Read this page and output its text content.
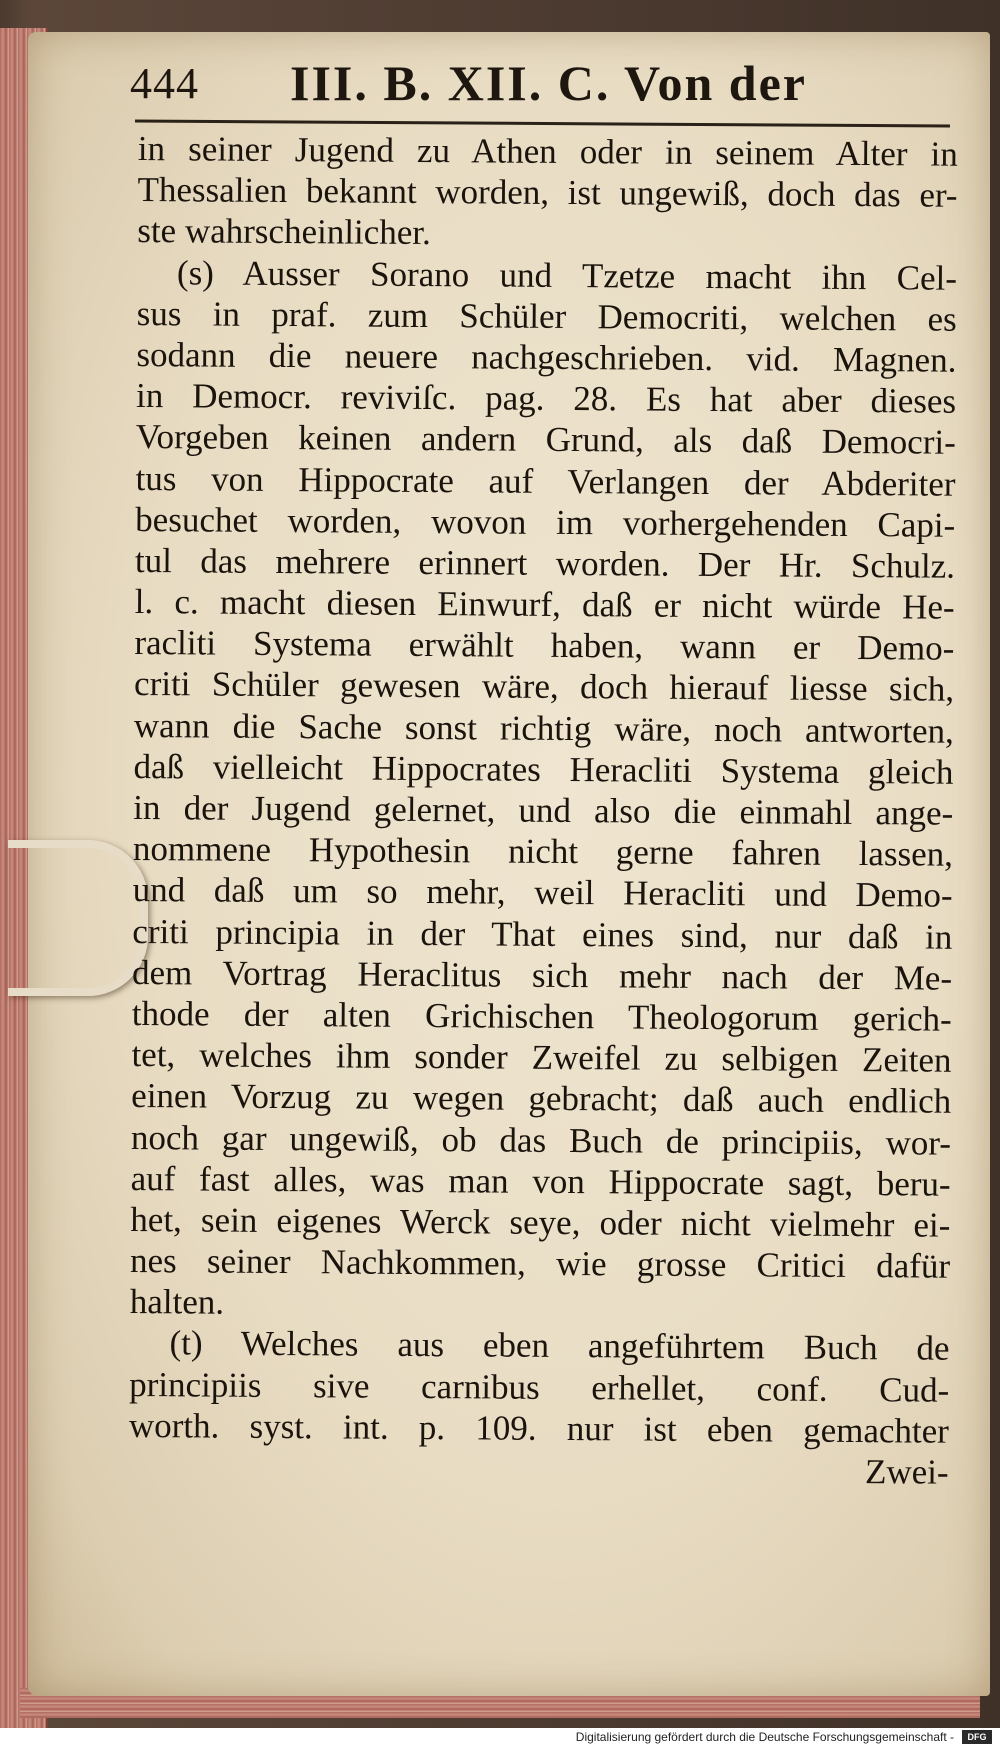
444 III. B. XII. C. Von der
in seiner Jugend zu Athen oder in seinem Alter in
Thessalien bekannt worden, ist ungewiß, doch das er-
ste wahrscheinlicher.
(s) Ausser Sorano und Tzetze macht ihn Cel-
sus in praf. zum Schüler Democriti, welchen es
sodann die neuere nachgeschrieben. vid. Magnen.
in Democr. reviviſc. pag. 28. Es hat aber dieses
Vorgeben keinen andern Grund, als daß Democri-
tus von Hippocrate auf Verlangen der Abderiter
besuchet worden, wovon im vorhergehenden Capi-
tul das mehrere erinnert worden. Der Hr. Schulz.
l. c. macht diesen Einwurf, daß er nicht würde He-
racliti Systema erwählt haben, wann er Demo-
criti Schüler gewesen wäre, doch hierauf liesse sich,
wann die Sache sonst richtig wäre, noch antworten,
daß vielleicht Hippocrates Heracliti Systema gleich
in der Jugend gelernet, und also die einmahl ange-
nommene Hypothesin nicht gerne fahren lassen,
und daß um so mehr, weil Heracliti und Demo-
criti principia in der That eines sind, nur daß in
dem Vortrag Heraclitus sich mehr nach der Me-
thode der alten Grichischen Theologorum gerich-
tet, welches ihm sonder Zweifel zu selbigen Zeiten
einen Vorzug zu wegen gebracht; daß auch endlich
noch gar ungewiß, ob das Buch de principiis, wor-
auf fast alles, was man von Hippocrate sagt, beru-
het, sein eigenes Werck seye, oder nicht vielmehr ei-
nes seiner Nachkommen, wie grosse Critici dafür
halten.
(t) Welches aus eben angeführtem Buch de
principiis sive carnibus erhellet, conf. Cud-
worth. syst. int. p. 109. nur ist eben gemachter
Zwei-
Digitalisierung gefördert durch die Deutsche Forschungsgemeinschaft -	DFG
